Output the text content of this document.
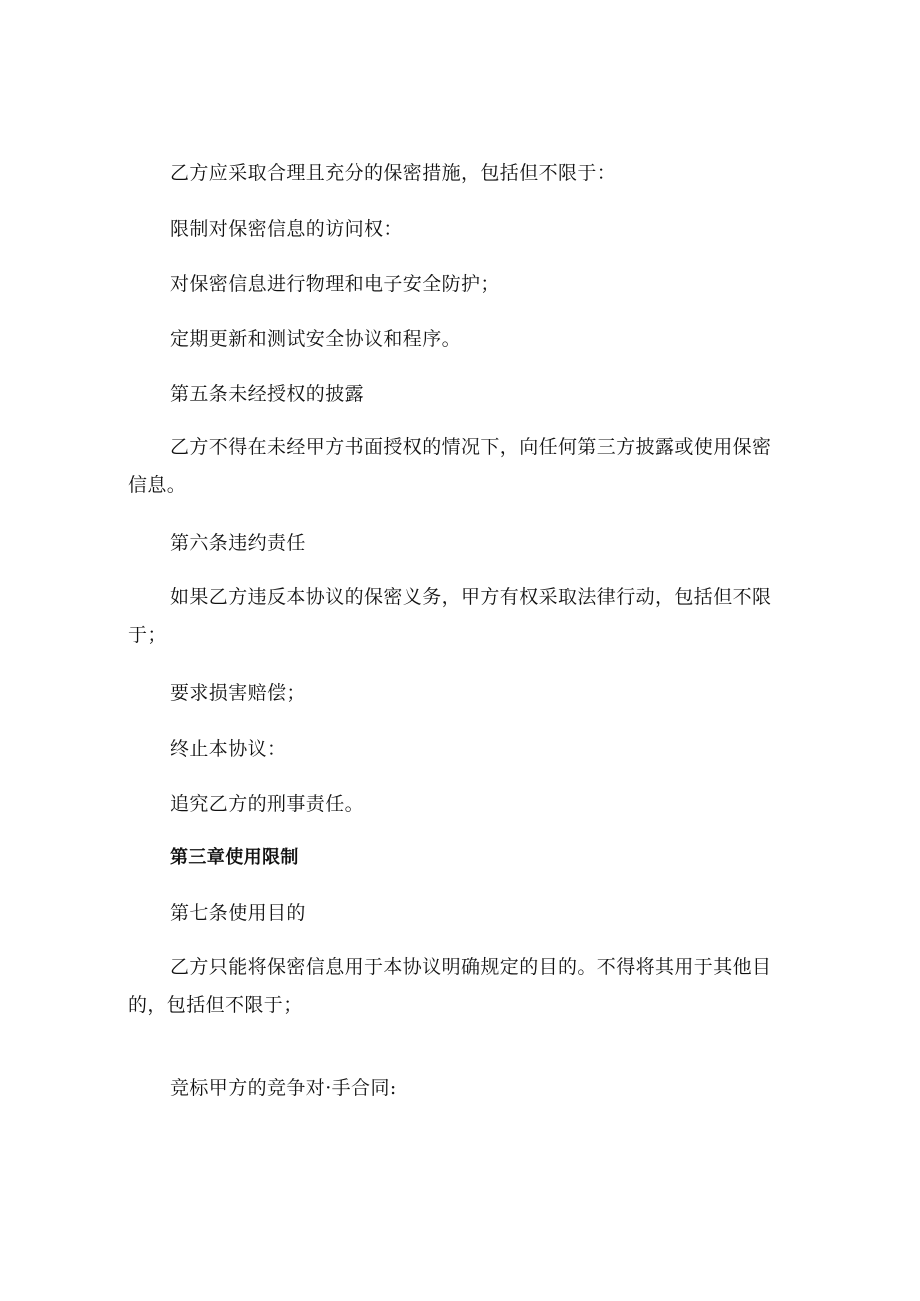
乙方应采取合理且充分的保密措施，包括但不限于：

限制对保密信息的访问权：

对保密信息进行物理和电子安全防护；

定期更新和测试安全协议和程序。

第五条未经授权的披露

乙方不得在未经甲方书面授权的情况下，向任何第三方披露或使用保密信息。

第六条违约责任

如果乙方违反本协议的保密义务，甲方有权采取法律行动，包括但不限于；

要求损害赔偿；

终止本协议：

追究乙方的刑事责任。

第三章使用限制

第七条使用目的

乙方只能将保密信息用于本协议明确规定的目的。不得将其用于其他目的，包括但不限于；

竞标甲方的竞争对·手合同:
